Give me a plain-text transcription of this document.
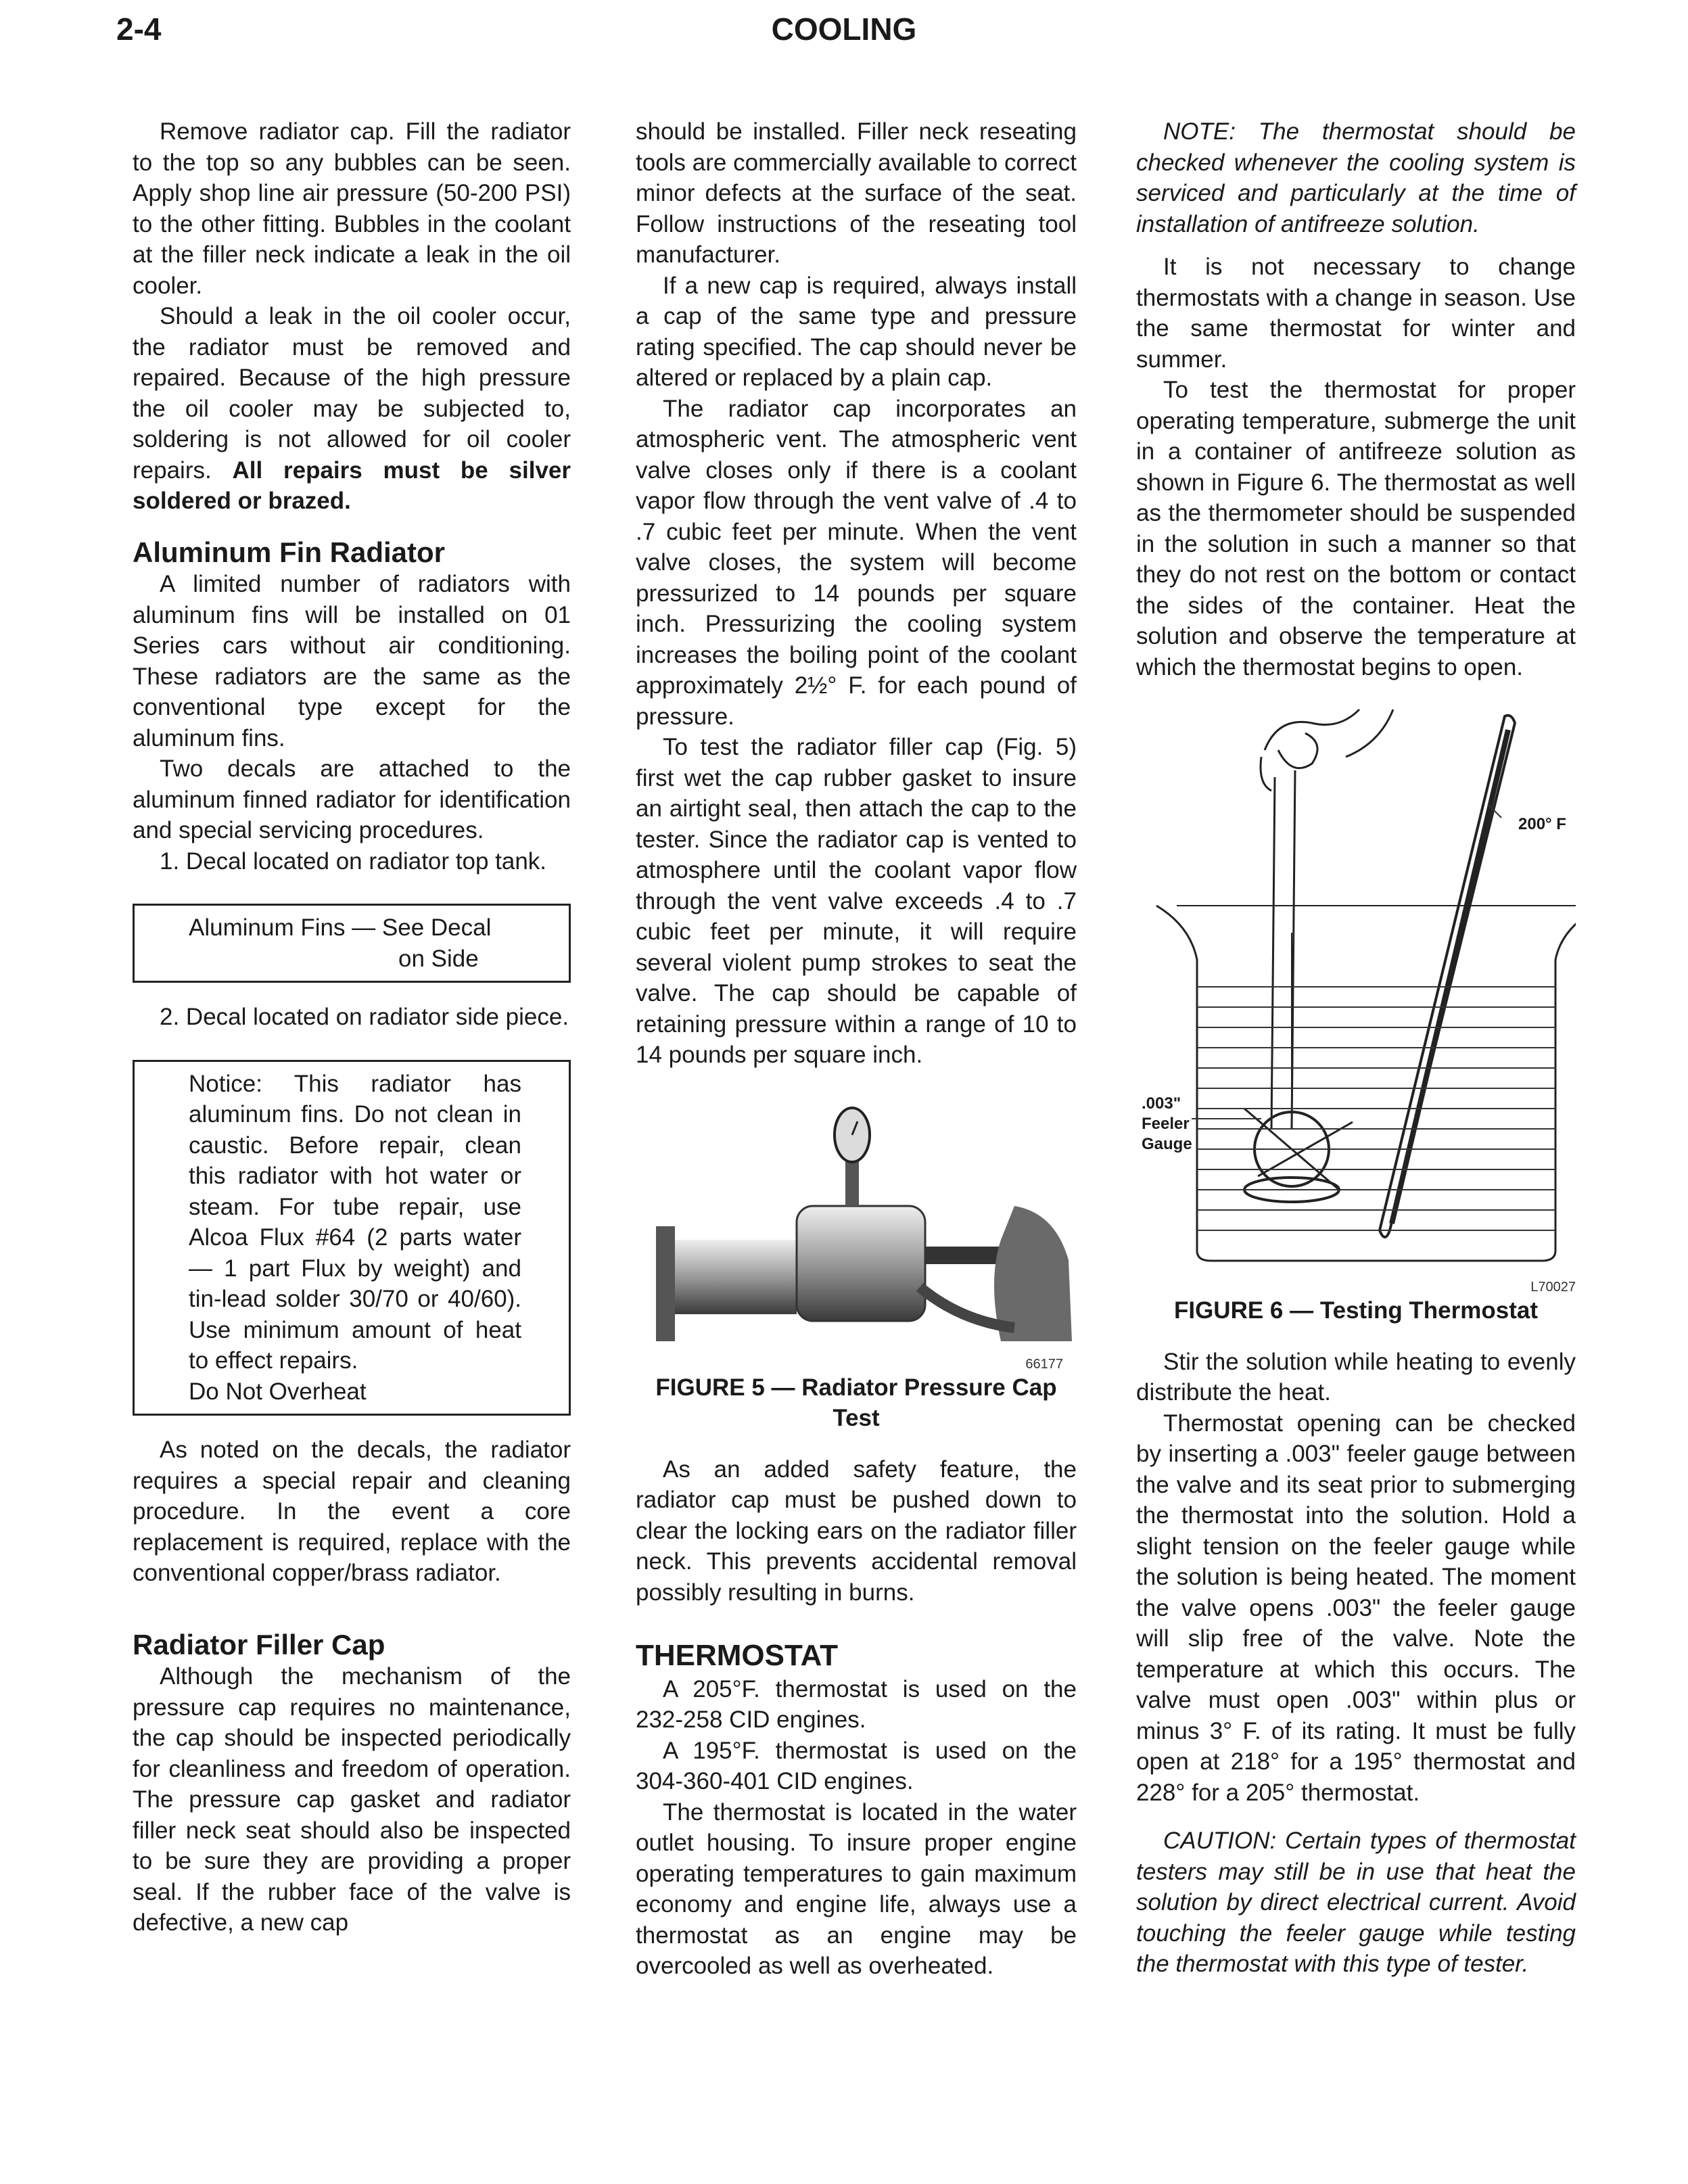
2-4	COOLING

Remove radiator cap. Fill the radiator to the top so any bubbles can be seen. Apply shop line air pressure (50-200 PSI) to the other fitting. Bubbles in the coolant at the filler neck indicate a leak in the oil cooler.

Should a leak in the oil cooler occur, the radiator must be removed and repaired. Because of the high pressure the oil cooler may be subjected to, soldering is not allowed for oil cooler repairs. All repairs must be silver soldered or brazed.

Aluminum Fin Radiator

A limited number of radiators with aluminum fins will be installed on 01 Series cars without air conditioning. These radiators are the same as the conventional type except for the aluminum fins.

Two decals are attached to the aluminum finned radiator for identification and special servicing procedures.

1. Decal located on radiator top tank.

Aluminum Fins — See Decal

on Side

2. Decal located on radiator side piece.

Notice: This radiator has aluminum fins. Do not clean in caustic. Before repair, clean this radiator with hot water or steam. For tube repair, use Alcoa Flux #64 (2 parts water — 1 part Flux by weight) and tin-lead solder 30/70 or 40/60). Use minimum amount of heat to effect repairs.

Do Not Overheat

As noted on the decals, the radiator requires a special repair and cleaning procedure. In the event a core replacement is required, replace with the conventional copper/brass radiator.

Radiator Filler Cap

Although the mechanism of the pressure cap requires no maintenance, the cap should be inspected periodically for cleanliness and freedom of operation. The pressure cap gasket and radiator filler neck seat should also be inspected to be sure they are providing a proper seal. If the rubber face of the valve is defective, a new cap

should be installed. Filler neck reseating tools are commercially available to correct minor defects at the surface of the seat. Follow instructions of the reseating tool manufacturer.

If a new cap is required, always install a cap of the same type and pressure rating specified. The cap should never be altered or replaced by a plain cap.

The radiator cap incorporates an atmospheric vent. The atmospheric vent valve closes only if there is a coolant vapor flow through the vent valve of .4 to .7 cubic feet per minute. When the vent valve closes, the system will become pressurized to 14 pounds per square inch. Pressurizing the cooling system increases the boiling point of the coolant approximately 2½° F. for each pound of pressure.

To test the radiator filler cap (Fig. 5) first wet the cap rubber gasket to insure an airtight seal, then attach the cap to the tester. Since the radiator cap is vented to atmosphere until the coolant vapor flow through the vent valve exceeds .4 to .7 cubic feet per minute, it will require several violent pump strokes to seat the valve. The cap should be capable of retaining pressure within a range of 10 to 14 pounds per square inch.

66177
FIGURE 5 — Radiator Pressure Cap Test

As an added safety feature, the radiator cap must be pushed down to clear the locking ears on the radiator filler neck. This prevents accidental removal possibly resulting in burns.

THERMOSTAT

A 205°F. thermostat is used on the 232-258 CID engines.

A 195°F. thermostat is used on the 304-360-401 CID engines.

The thermostat is located in the water outlet housing. To insure proper engine operating temperatures to gain maximum economy and engine life, always use a thermostat as an engine may be overcooled as well as overheated.

NOTE: The thermostat should be checked whenever the cooling system is serviced and particularly at the time of installation of antifreeze solution.

It is not necessary to change thermostats with a change in season. Use the same thermostat for winter and summer.

To test the thermostat for proper operating temperature, submerge the unit in a container of antifreeze solution as shown in Figure 6. The thermostat as well as the thermometer should be suspended in the solution in such a manner so that they do not rest on the bottom or contact the sides of the container. Heat the solution and observe the temperature at which the thermostat begins to open.

200° F
.003"
Feeler
Gauge
L70027
FIGURE 6 — Testing Thermostat

Stir the solution while heating to evenly distribute the heat.

Thermostat opening can be checked by inserting a .003" feeler gauge between the valve and its seat prior to submerging the thermostat into the solution. Hold a slight tension on the feeler gauge while the solution is being heated. The moment the valve opens .003" the feeler gauge will slip free of the valve. Note the temperature at which this occurs. The valve must open .003" within plus or minus 3° F. of its rating. It must be fully open at 218° for a 195° thermostat and 228° for a 205° thermostat.

CAUTION: Certain types of thermostat testers may still be in use that heat the solution by direct electrical current. Avoid touching the feeler gauge while testing the thermostat with this type of tester.
